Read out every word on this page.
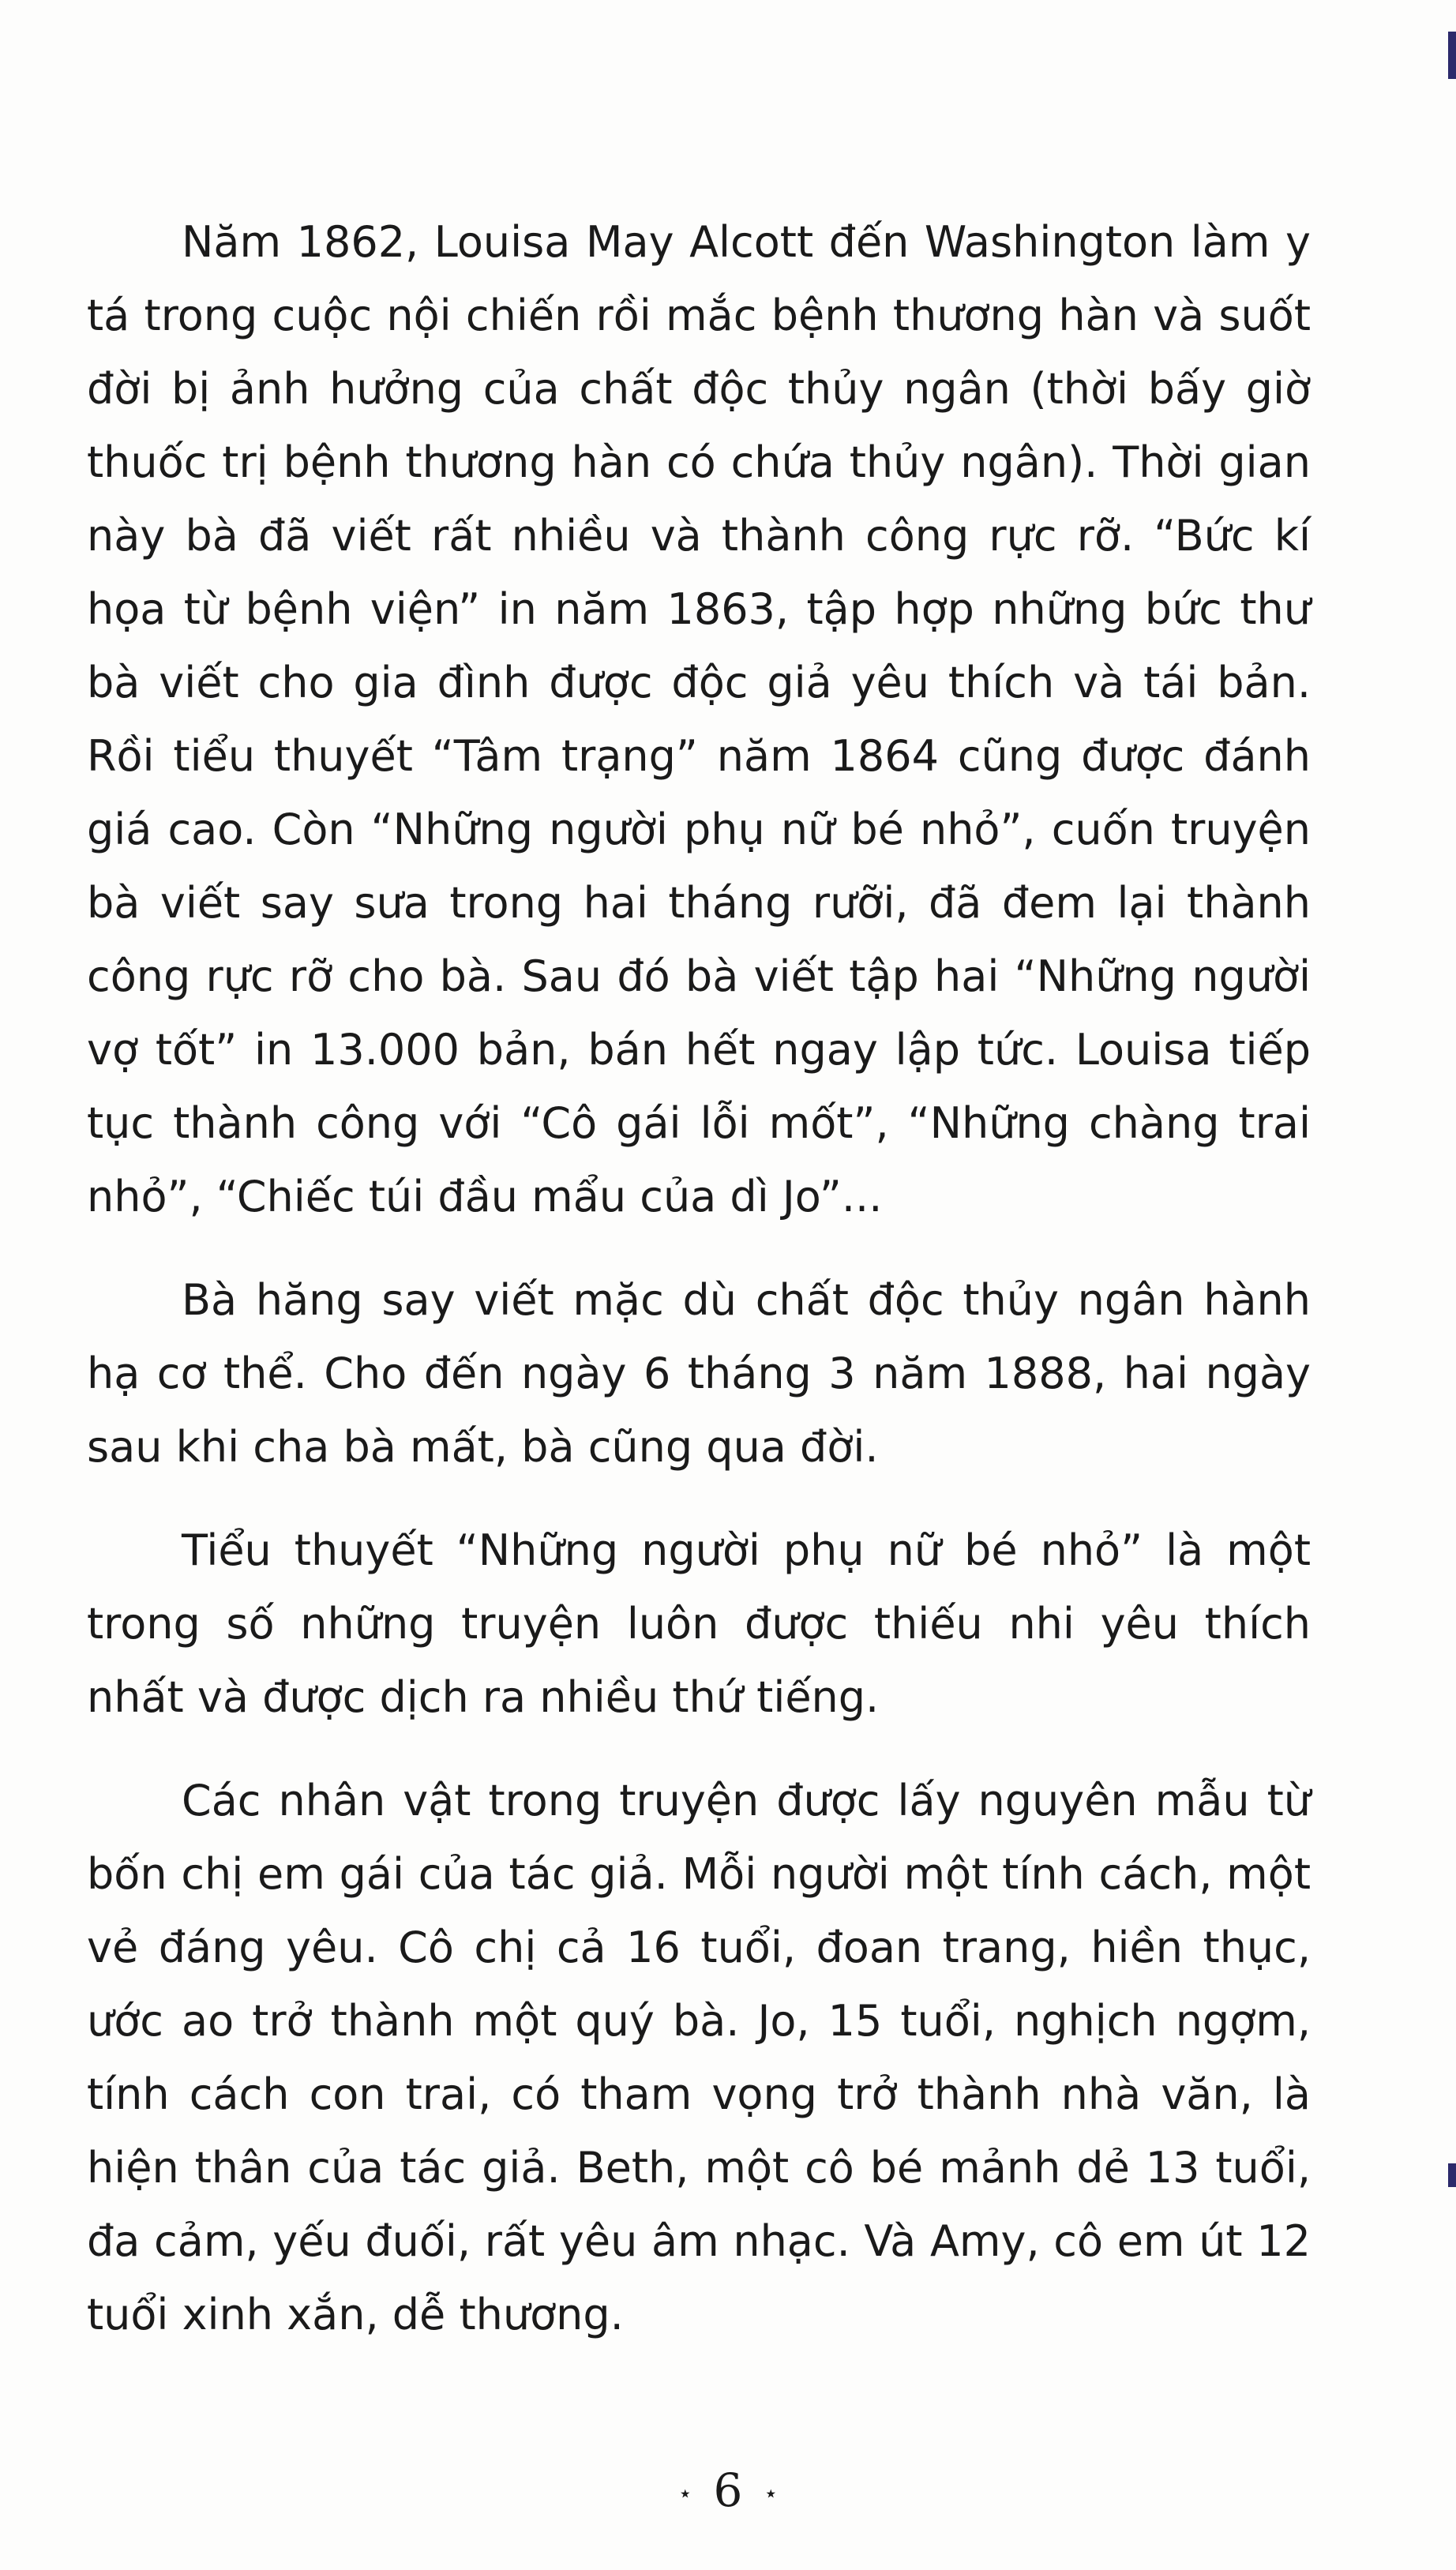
Năm 1862, Louisa May Alcott đến Washington làm y tá trong cuộc nội chiến rồi mắc bệnh thương hàn và suốt đời bị ảnh hưởng của chất độc thủy ngân (thời bấy giờ thuốc trị bệnh thương hàn có chứa thủy ngân). Thời gian này bà đã viết rất nhiều và thành công rực rỡ. “Bức kí họa từ bệnh viện” in năm 1863, tập hợp những bức thư bà viết cho gia đình được độc giả yêu thích và tái bản. Rồi tiểu thuyết “Tâm trạng” năm 1864 cũng được đánh giá cao. Còn “Những người phụ nữ bé nhỏ”, cuốn truyện bà viết say sưa trong hai tháng rưỡi, đã đem lại thành công rực rỡ cho bà. Sau đó bà viết tập hai “Những người vợ tốt” in 13.000 bản, bán hết ngay lập tức. Louisa tiếp tục thành công với “Cô gái lỗi mốt”, “Những chàng trai nhỏ”, “Chiếc túi đầu mẩu của dì Jo”...

Bà hăng say viết mặc dù chất độc thủy ngân hành hạ cơ thể. Cho đến ngày 6 tháng 3 năm 1888, hai ngày sau khi cha bà mất, bà cũng qua đời.

Tiểu thuyết “Những người phụ nữ bé nhỏ” là một trong số những truyện luôn được thiếu nhi yêu thích nhất và được dịch ra nhiều thứ tiếng.

Các nhân vật trong truyện được lấy nguyên mẫu từ bốn chị em gái của tác giả. Mỗi người một tính cách, một vẻ đáng yêu. Cô chị cả 16 tuổi, đoan trang, hiền thục, ước ao trở thành một quý bà. Jo, 15 tuổi, nghịch ngợm, tính cách con trai, có tham vọng trở thành nhà văn, là hiện thân của tác giả. Beth, một cô bé mảnh dẻ 13 tuổi, đa cảm, yếu đuối, rất yêu âm nhạc. Và Amy, cô em út 12 tuổi xinh xắn, dễ thương.

⋆ 6 ⋆
